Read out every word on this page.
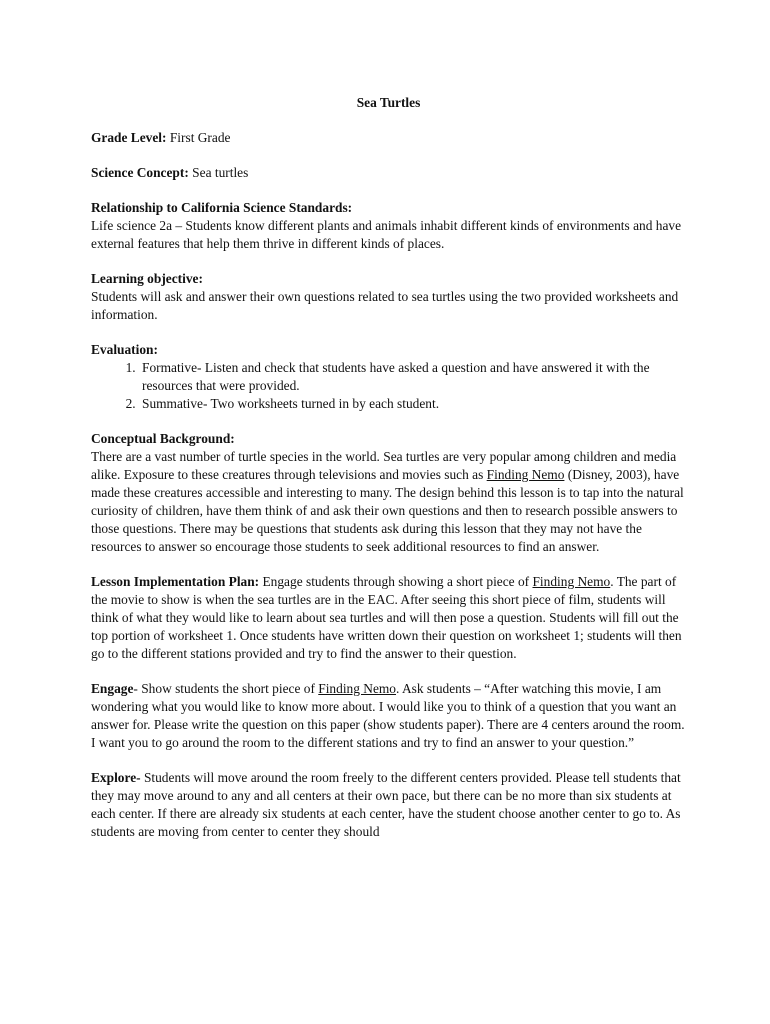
Sea Turtles

Grade Level: First Grade

Science Concept: Sea turtles

Relationship to California Science Standards:

Life science 2a – Students know different plants and animals inhabit different kinds of environments and have external features that help them thrive in different kinds of places.

Learning objective:

Students will ask and answer their own questions related to sea turtles using the two provided worksheets and information.

Evaluation:

1. Formative- Listen and check that students have asked a question and have answered it with the resources that were provided.
2. Summative- Two worksheets turned in by each student.

Conceptual Background:

There are a vast number of turtle species in the world. Sea turtles are very popular among children and media alike. Exposure to these creatures through televisions and movies such as Finding Nemo (Disney, 2003), have made these creatures accessible and interesting to many. The design behind this lesson is to tap into the natural curiosity of children, have them think of and ask their own questions and then to research possible answers to those questions. There may be questions that students ask during this lesson that they may not have the resources to answer so encourage those students to seek additional resources to find an answer.

Lesson Implementation Plan: Engage students through showing a short piece of Finding Nemo. The part of the movie to show is when the sea turtles are in the EAC. After seeing this short piece of film, students will think of what they would like to learn about sea turtles and will then pose a question. Students will fill out the top portion of worksheet 1. Once students have written down their question on worksheet 1; students will then go to the different stations provided and try to find the answer to their question.

Engage- Show students the short piece of Finding Nemo. Ask students – “After watching this movie, I am wondering what you would like to know more about. I would like you to think of a question that you want an answer for. Please write the question on this paper (show students paper). There are 4 centers around the room. I want you to go around the room to the different stations and try to find an answer to your question.”

Explore- Students will move around the room freely to the different centers provided. Please tell students that they may move around to any and all centers at their own pace, but there can be no more than six students at each center. If there are already six students at each center, have the student choose another center to go to. As students are moving from center to center they should
